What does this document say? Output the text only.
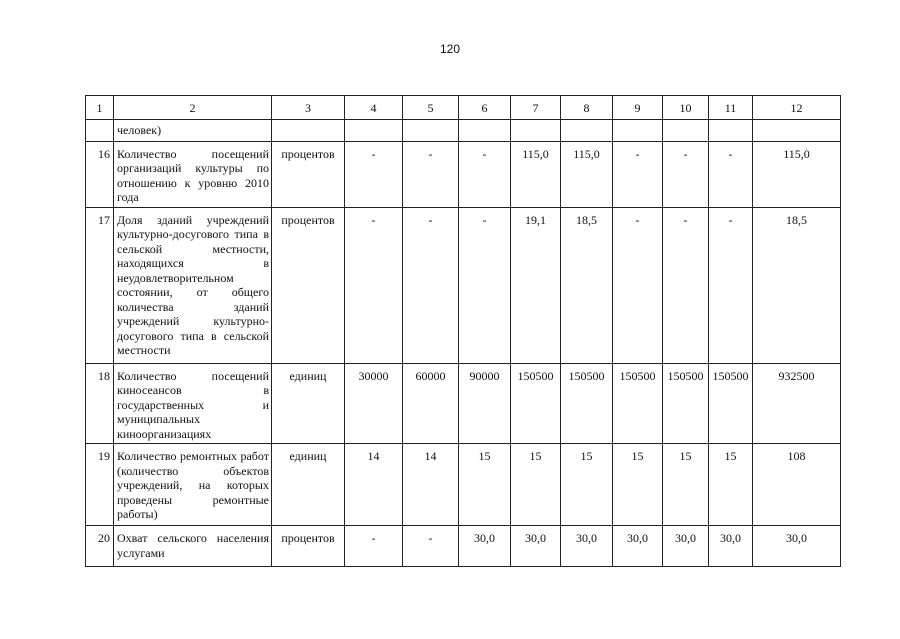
120
1	2	3	4	5	6	7	8	9	10	11	12
	человек)										
16	Количество посещений организаций культуры по отношению к уровню 2010 года	процентов	-	-	-	115,0	115,0	-	-	-	115,0
17	Доля зданий учреждений культурно-досугового типа в сельской местности, находящихся в неудовлетворительном состоянии, от общего количества зданий учреждений культурно-досугового типа в сельской местности	процентов	-	-	-	19,1	18,5	-	-	-	18,5
18	Количество посещений киносеансов в государственных и муниципальных киноорганизациях	единиц	30000	60000	90000	150500	150500	150500	150500	150500	932500
19	Количество ремонтных работ (количество объектов учреждений, на которых проведены ремонтные работы)	единиц	14	14	15	15	15	15	15	15	108
20	Охват сельского населения услугами	процентов	-	-	30,0	30,0	30,0	30,0	30,0	30,0	30,0
